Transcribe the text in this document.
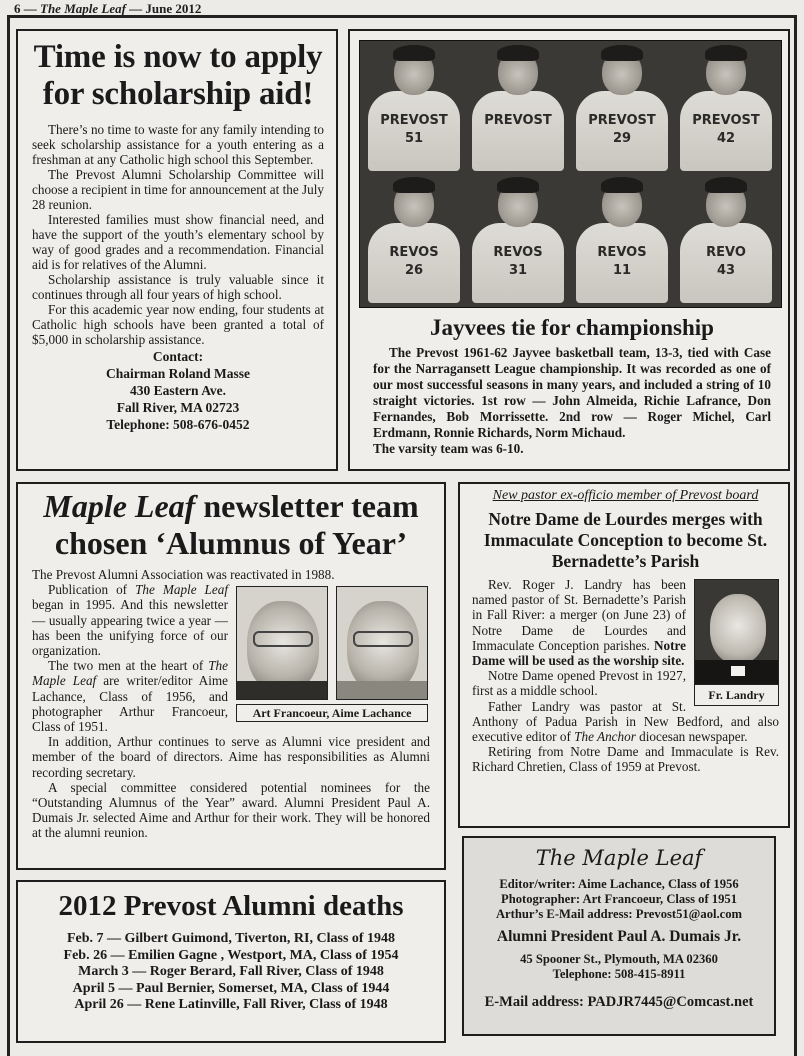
6 — The Maple Leaf — June 2012
Time is now to apply for scholarship aid!

There’s no time to waste for any family intending to seek scholarship assistance for a youth entering as a freshman at any Catholic high school this September.

The Prevost Alumni Scholarship Committee will choose a recipient in time for announcement at the July 28 reunion.

Interested families must show financial need, and have the support of the youth’s elementary school by way of good grades and a recommendation. Financial aid is for relatives of the Alumni.

Scholarship assistance is truly valuable since it continues through all four years of high school.

For this academic year now ending, four students at Catholic high schools have been granted a total of $5,000 in scholarship assistance.

Contact:
Chairman Roland Masse
430 Eastern Ave.
Fall River, MA 02723
Telephone: 508-676-0452
PREVOST
51
PREVOST	PREVOST
29
PREVOST
42
REVOS
26
REVOS
31
REVOS
11
REVO
43
Jayvees tie for championship
The Prevost 1961-62 Jayvee basketball team, 13-3, tied with Case for the Narragansett League championship. It was recorded as one of our most successful seasons in many years, and included a string of 10 straight victories. 1st row — John Almeida, Richie Lafrance, Don Fernandes, Bob Morrissette. 2nd row — Roger Michel, Carl Erdmann, Ronnie Richards, Norm Michaud.
The varsity team was 6-10.
Maple Leaf newsletter team chosen ‘Alumnus of Year’
The Prevost Alumni Association was reactivated in 1988.
Art Francoeur, Aime Lachance

Publication of The Maple Leaf began in 1995. And this newsletter — usually appearing twice a year — has been the unifying force of our organization.

The two men at the heart of The Maple Leaf are writer/editor Aime Lachance, Class of 1956, and photographer Arthur Francoeur, Class of 1951.

In addition, Arthur continues to serve as Alumni vice president and member of the board of directors. Aime has responsibilities as Alumni recording secretary.

A special committee considered potential nominees for the “Outstanding Alumnus of the Year” award. Alumni President Paul A. Dumais Jr. selected Aime and Arthur for their work. They will be honored at the alumni reunion.

2012 Prevost Alumni deaths
Feb. 7 — Gilbert Guimond, Tiverton, RI, Class of 1948
Feb. 26 — Emilien Gagne , Westport, MA, Class of 1954
March 3 — Roger Berard, Fall River, Class of 1948
April 5 — Paul Bernier, Somerset, MA, Class of 1944
April 26 — Rene Latinville, Fall River, Class of 1948
New pastor ex-officio member of Prevost board
Notre Dame de Lourdes merges with Immaculate Conception to become St. Bernadette’s Parish
Fr. Landry

Rev. Roger J. Landry has been named pastor of St. Bernadette’s Parish in Fall River: a merger (on June 23) of Notre Dame de Lourdes and Immaculate Conception parishes. Notre Dame will be used as the worship site.

Notre Dame opened Prevost in 1927, first as a middle school.

Father Landry was pastor at St. Anthony of Padua Parish in New Bedford, and also executive editor of The Anchor diocesan newspaper.

Retiring from Notre Dame and Immaculate is Rev. Richard Chretien, Class of 1959 at Prevost.

The Maple Leaf
Editor/writer: Aime Lachance, Class of 1956
Photographer: Art Francoeur, Class of 1951
Arthur’s E-Mail address: Prevost51@aol.com
Alumni President Paul A. Dumais Jr.
45 Spooner St., Plymouth, MA 02360
Telephone: 508-415-8911
E-Mail address: PADJR7445@Comcast.net
